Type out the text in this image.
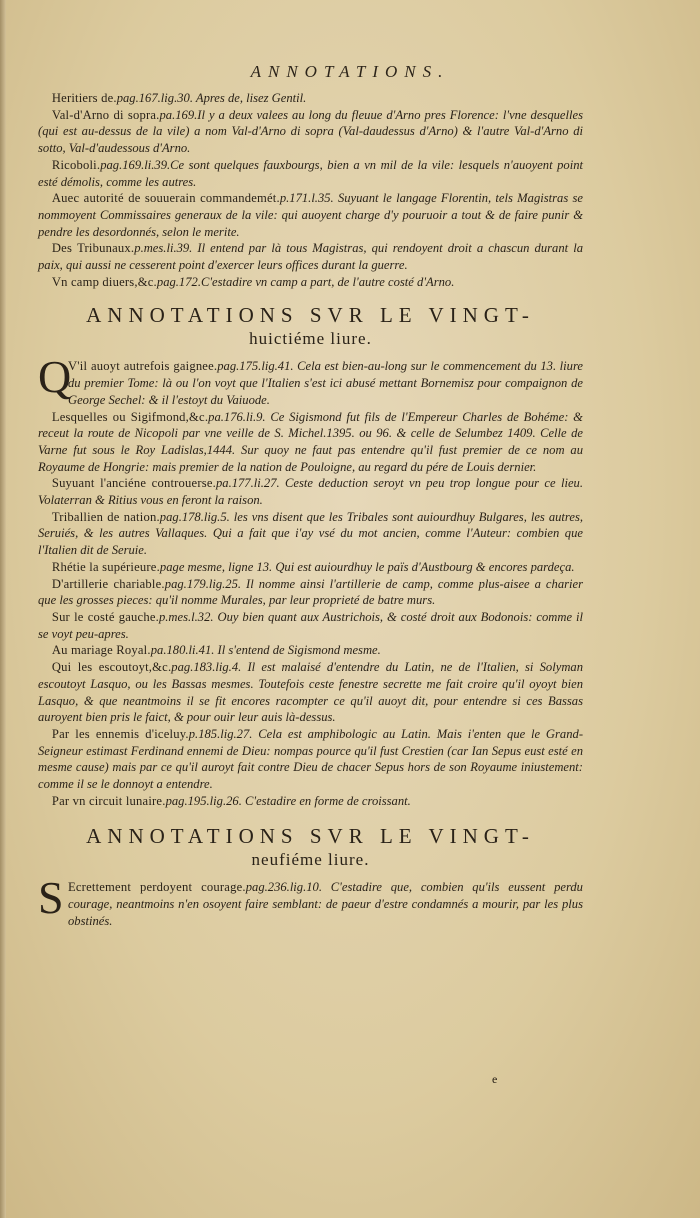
ANNOTATIONS.

Heritiers de.pag.167.lig.30. Apres de, lisez Gentil.

Val-d'Arno di sopra.pa.169.Il y a deux valees au long du fleuue d'Arno pres Florence: l'vne desquelles (qui est au-dessus de la vile) a nom Val-d'Arno di sopra (Val-daudessus d'Arno) & l'autre Val-d'Arno di sotto, Val-d'audessous d'Arno.

Ricoboli.pag.169.li.39.Ce sont quelques fauxbourgs, bien a vn mil de la vile: lesquels n'auoyent point esté démolis, comme les autres.

Auec autorité de souuerain commandemét.p.171.l.35. Suyuant le langage Florentin, tels Magistras se nommoyent Commissaires generaux de la vile: qui auoyent charge d'y pouruoir a tout & de faire punir & pendre les desordonnés, selon le merite.

Des Tribunaux.p.mes.li.39. Il entend par là tous Magistras, qui rendoyent droit a chascun durant la paix, qui aussi ne cesserent point d'exercer leurs offices durant la guerre.

Vn camp diuers,&c.pag.172.C'estadire vn camp a part, de l'autre costé d'Arno.

ANNOTATIONS SVR LE VINGT-
huictiéme liure.

Q
V'il auoyt autrefois gaignee.pag.175.lig.41. Cela est bien-au-long sur le commencement du 13. liure du premier Tome: là ou l'on voyt que l'Italien s'est ici abusé mettant Bornemisz pour compaignon de George Sechel: & il l'estoyt du Vaiuode.

Lesquelles ou Sigifmond,&c.pa.176.li.9. Ce Sigismond fut fils de l'Empereur Charles de Bohéme: & receut la route de Nicopoli par vne veille de S. Michel.1395. ou 96. & celle de Selumbez 1409. Celle de Varne fut sous le Roy Ladislas,1444. Sur quoy ne faut pas entendre qu'il fust premier de ce nom au Royaume de Hongrie: mais premier de la nation de Pouloigne, au regard du pére de Louis dernier.

Suyuant l'anciéne controuerse.pa.177.li.27. Ceste deduction seroyt vn peu trop longue pour ce lieu. Volaterran & Ritius vous en feront la raison.

Triballien de nation.pag.178.lig.5. les vns disent que les Tribales sont auiourdhuy Bulgares, les autres, Seruiés, & les autres Vallaques. Qui a fait que i'ay vsé du mot ancien, comme l'Auteur: combien que l'Italien dit de Seruie.

Rhétie la supérieure.page mesme, ligne 13. Qui est auiourdhuy le païs d'Austbourg & encores pardeça.

D'artillerie chariable.pag.179.lig.25. Il nomme ainsi l'artillerie de camp, comme plus-aisee a charier que les grosses pieces: qu'il nomme Murales, par leur proprieté de batre murs.

Sur le costé gauche.p.mes.l.32. Ouy bien quant aux Austrichois, & costé droit aux Bodonois: comme il se voyt peu-apres.

Au mariage Royal.pa.180.li.41. Il s'entend de Sigismond mesme.

Qui les escoutoyt,&c.pag.183.lig.4. Il est malaisé d'entendre du Latin, ne de l'Italien, si Solyman escoutoyt Lasquo, ou les Bassas mesmes. Toutefois ceste fenestre secrette me fait croire qu'il oyoyt bien Lasquo, & que neantmoins il se fit encores racompter ce qu'il auoyt dit, pour entendre si ces Bassas auroyent bien pris le faict, & pour ouir leur auis là-dessus.

Par les ennemis d'iceluy.p.185.lig.27. Cela est amphibologic au Latin. Mais i'enten que le Grand-Seigneur estimast Ferdinand ennemi de Dieu: nompas pource qu'il fust Crestien (car Ian Sepus eust esté en mesme cause) mais par ce qu'il auroyt fait contre Dieu de chacer Sepus hors de son Royaume iniustement: comme il se le donnoyt a entendre.

Par vn circuit lunaire.pag.195.lig.26. C'estadire en forme de croissant.

ANNOTATIONS SVR LE VINGT-
neufiéme liure.

S Ecrettement perdoyent courage.pag.236.lig.10. C'estadire que, combien qu'ils eussent perdu courage, neantmoins n'en osoyent faire semblant: de paeur d'estre condamnés a mourir, par les plus obstinés.

e
